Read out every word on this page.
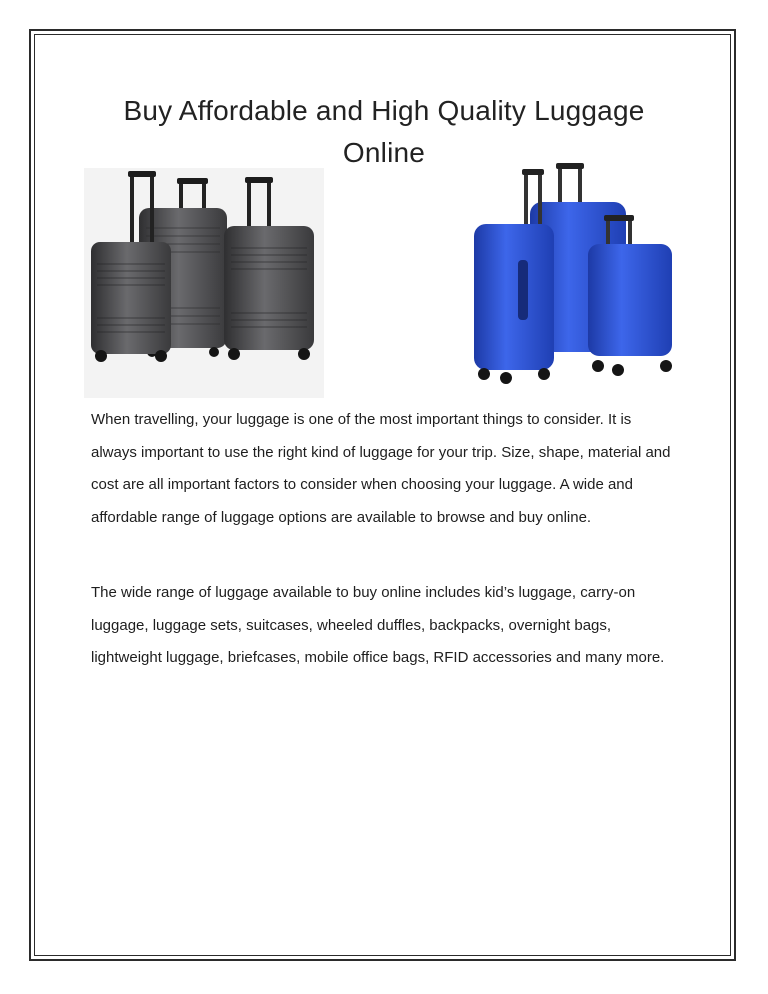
Buy Affordable and High Quality Luggage Online

When travelling, your luggage is one of the most important things to consider. It is always important to use the right kind of luggage for your trip. Size, shape, material and cost are all important factors to consider when choosing your luggage. A wide and affordable range of luggage options are available to browse and buy online.

The wide range of luggage available to buy online includes kid’s luggage, carry-on luggage, luggage sets, suitcases, wheeled duffles, backpacks, overnight bags, lightweight luggage, briefcases, mobile office bags, RFID accessories and many more.
